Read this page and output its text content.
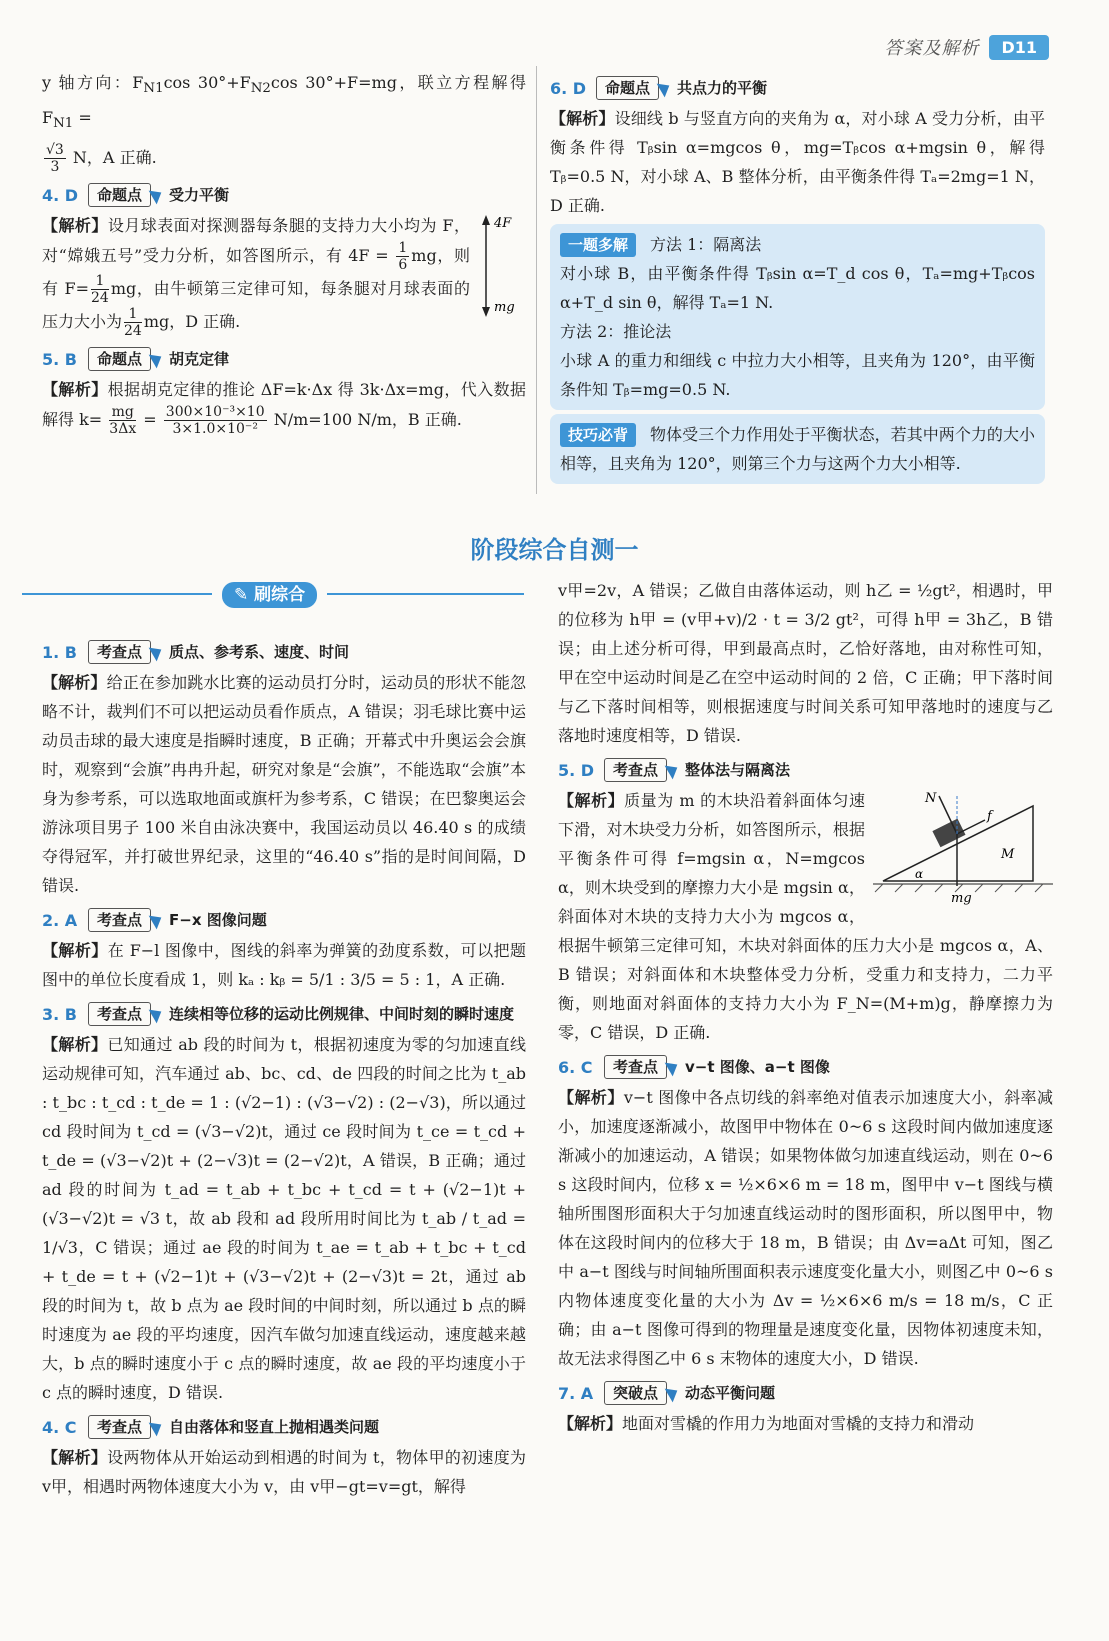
答案及解析	D11

y 轴方向：$F_{N1}\cos$ $30^\circ+F_{N2}\cos$ 30°+F=mg，联立方程解得 $F_{N1}$ =

$\frac{√3}{3}$ N，A 正确.

4. D	命题点	受力平衡
4F
mg

【解析】设月球表面对探测器每条腿的支持力大小均为 F，对“嫦娥五号”受力分析，如答图所示，有 $4F = \frac{1}{6}$ mg，则有 $F= \frac{1}{24}$ mg，由牛顿第三定律可知，每条腿对月球表面的压力大小为 $\frac{1}{24}$ mg，D 正确.

5. B	命题点	胡克定律

【解析】根据胡克定律的推论 ΔF=k·Δx 得 3k·Δx=mg，代入数据解得 $k= \frac{mg}{3\Delta x} = \frac{\text{300×10⁻³×10}}{\text{3×1.0×10⁻²}} N/m=100$ N/m，B 正确.

6. D	命题点	共点力的平衡

【解析】设细线 b 与竖直方向的夹角为 α，对小球 A 受力分析，由平衡条件得 Tᵦsin α=mgcos θ，mg=Tᵦcos α+mgsin θ，解得 Tᵦ=0.5 N，对小球 A、B 整体分析，由平衡条件得 Tₐ=2mg=1 N，D 正确.

一题多解 方法 1：隔离法

对小球 B，由平衡条件得 Tᵦsin α=T_d cos θ，Tₐ=mg+Tᵦcos α+T_d sin θ，解得 Tₐ=1 N.

方法 2：推论法

小球 A 的重力和细线 c 中拉力大小相等，且夹角为 120°，由平衡条件知 Tᵦ=mg=0.5 N.

技巧必背 物体受三个力作用处于平衡状态，若其中两个力的大小相等，且夹角为 120°，则第三个力与这两个力大小相等.

阶段综合自测一
✎ 刷综合
1. B	考查点	质点、参考系、速度、时间

【解析】给正在参加跳水比赛的运动员打分时，运动员的形状不能忽略不计，裁判们不可以把运动员看作质点，A 错误；羽毛球比赛中运动员击球的最大速度是指瞬时速度，B 正确；开幕式中升奥运会会旗时，观察到“会旗”冉冉升起，研究对象是“会旗”，不能选取“会旗”本身为参考系，可以选取地面或旗杆为参考系，C 错误；在巴黎奥运会游泳项目男子 100 米自由泳决赛中，我国运动员以 46.40 s 的成绩夺得冠军，并打破世界纪录，这里的“46.40 s”指的是时间间隔，D 错误.

2. A	考查点	F−x 图像问题

【解析】在 F−l 图像中，图线的斜率为弹簧的劲度系数，可以把题图中的单位长度看成 1，则 kₐ : kᵦ = 5/1 : 3/5 = 5 : 1，A 正确.

3. B	考查点	连续相等位移的运动比例规律、中间时刻的瞬时速度

【解析】已知通过 ab 段的时间为 t，根据初速度为零的匀加速直线运动规律可知，汽车通过 ab、bc、cd、de 四段的时间之比为 t_ab : t_bc : t_cd : t_de = 1 : (√2−1) : (√3−√2) : (2−√3)，所以通过 cd 段时间为 t_cd = (√3−√2)t，通过 ce 段时间为 t_ce = t_cd + t_de = (√3−√2)t + (2−√3)t = (2−√2)t，A 错误，B 正确；通过 ad 段的时间为 t_ad = t_ab + t_bc + t_cd = t + (√2−1)t + (√3−√2)t = √3 t，故 ab 段和 ad 段所用时间比为 t_ab / t_ad = 1/√3，C 错误；通过 ae 段的时间为 t_ae = t_ab + t_bc + t_cd + t_de = t + (√2−1)t + (√3−√2)t + (2−√3)t = 2t，通过 ab 段的时间为 t，故 b 点为 ae 段时间的中间时刻，所以通过 b 点的瞬时速度为 ae 段的平均速度，因汽车做匀加速直线运动，速度越来越大，b 点的瞬时速度小于 c 点的瞬时速度，故 ae 段的平均速度小于 c 点的瞬时速度，D 错误.

4. C	考查点	自由落体和竖直上抛相遇类问题

【解析】设两物体从开始运动到相遇的时间为 t，物体甲的初速度为 v甲，相遇时两物体速度大小为 v，由 v甲−gt=v=gt，解得

v甲=2v，A 错误；乙做自由落体运动，则 h乙 = ½gt²，相遇时，甲的位移为 h甲 = (v甲+v)/2 · t = 3/2 gt²，可得 h甲 = 3h乙，B 错误；由上述分析可得，甲到最高点时，乙恰好落地，由对称性可知，甲在空中运动时间是乙在空中运动时间的 2 倍，C 正确；甲下落时间与乙下落时间相等，则根据速度与时间关系可知甲落地时的速度与乙落地时速度相等，D 错误.

5. D	考查点	整体法与隔离法
N
f
M
α
mg

【解析】质量为 m 的木块沿着斜面体匀速下滑，对木块受力分析，如答图所示，根据平衡条件可得 f=mgsin α，N=mgcos α，则木块受到的摩擦力大小是 mgsin α，斜面体对木块的支持力大小为 mgcos α，根据牛顿第三定律可知，木块对斜面体的压力大小是 mgcos α，A、B 错误；对斜面体和木块整体受力分析，受重力和支持力，二力平衡，则地面对斜面体的支持力大小为 F_N=(M+m)g，静摩擦力为零，C 错误，D 正确.

6. C	考查点	v−t 图像、a−t 图像

【解析】v−t 图像中各点切线的斜率绝对值表示加速度大小，斜率减小，加速度逐渐减小，故图甲中物体在 0~6 s 这段时间内做加速度逐渐减小的加速运动，A 错误；如果物体做匀加速直线运动，则在 0~6 s 这段时间内，位移 x = ½×6×6 m = 18 m，图甲中 v−t 图线与横轴所围图形面积大于匀加速直线运动时的图形面积，所以图甲中，物体在这段时间内的位移大于 18 m，B 错误；由 Δv=aΔt 可知，图乙中 a−t 图线与时间轴所围面积表示速度变化量大小，则图乙中 0~6 s 内物体速度变化量的大小为 Δv = ½×6×6 m/s = 18 m/s，C 正确；由 a−t 图像可得到的物理量是速度变化量，因物体初速度未知，故无法求得图乙中 6 s 末物体的速度大小，D 错误.

7. A	突破点	动态平衡问题

【解析】地面对雪橇的作用力为地面对雪橇的支持力和滑动
